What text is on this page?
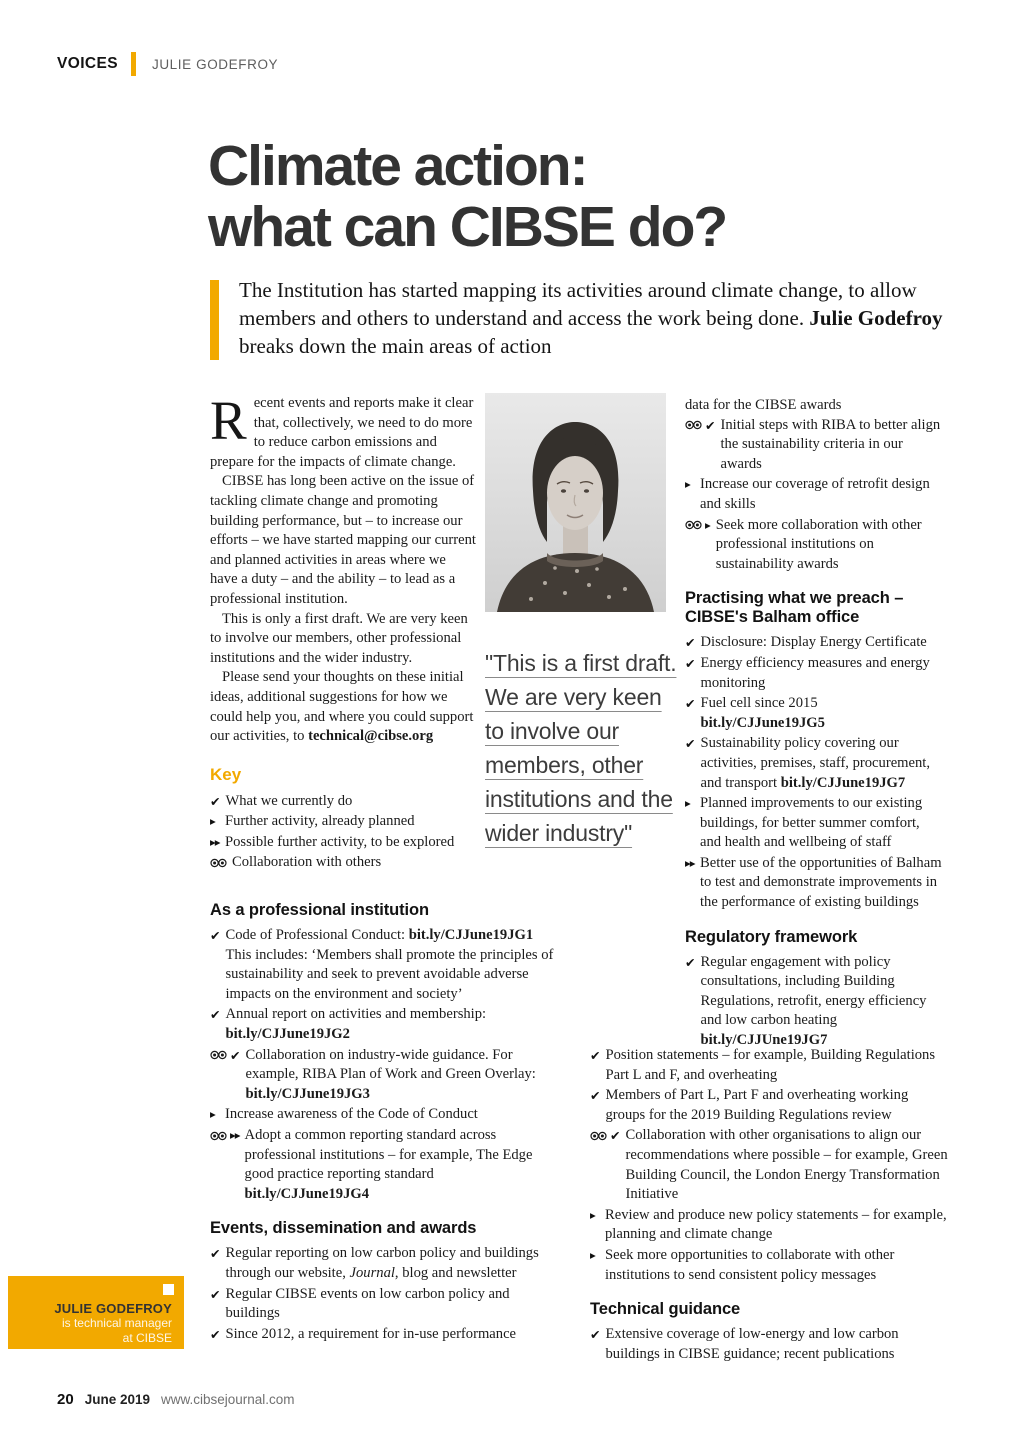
VOICES	JULIE GODEFROY
Climate action:
what can CIBSE do?

The Institution has started mapping its activities around climate change, to allow members and others to understand and access the work being done. Julie Godefroy breaks down the main areas of action

Recent events and reports make it clear that, collectively, we need to do more to reduce carbon emissions and prepare for the impacts of climate change.

CIBSE has long been active on the issue of tackling climate change and promoting building performance, but – to increase our efforts – we have started mapping our current and planned activities in areas where we have a duty – and the ability – to lead as a professional institution.

This is only a first draft. We are very keen to involve our members, other professional institutions and the wider industry.

Please send your thoughts on these initial ideas, additional suggestions for how we could help you, and where you could support our activities, to technical@cibse.org

Key
✔ What we currently do
▸ Further activity, already planned
▸▸ Possible further activity, to be explored
Collaboration with others
"This is a first draft. We are very keen to involve our members, other institutions and the wider industry"

data for the CIBSE awards

✔ Initial steps with RIBA to better align the sustainability criteria in our awards
▸ Increase our coverage of retrofit design and skills
▸ Seek more collaboration with other professional institutions on sustainability awards
Practising what we preach –
CIBSE's Balham office
✔ Disclosure: Display Energy Certificate
✔ Energy efficiency measures and energy monitoring
✔ Fuel cell since 2015 bit.ly/CJJune19JG5
✔ Sustainability policy covering our activities, premises, staff, procurement, and transport bit.ly/CJJune19JG7
▸ Planned improvements to our existing buildings, for better summer comfort, and health and wellbeing of staff
▸▸ Better use of the opportunities of Balham to test and demonstrate improvements in the performance of existing buildings
Regulatory framework
✔ Regular engagement with policy consultations, including Building Regulations, retrofit, energy efficiency and low carbon heating bit.ly/CJJUne19JG7
As a professional institution
✔ Code of Professional Conduct: bit.ly/CJJune19JG1 This includes: ‘Members shall promote the principles of sustainability and seek to prevent avoidable adverse impacts on the environment and society’
✔ Annual report on activities and membership: bit.ly/CJJune19JG2
✔ Collaboration on industry-wide guidance. For example, RIBA Plan of Work and Green Overlay: bit.ly/CJJune19JG3
▸ Increase awareness of the Code of Conduct
▸▸ Adopt a common reporting standard across professional institutions – for example, The Edge good practice reporting standard bit.ly/CJJune19JG4
Events, dissemination and awards
✔ Regular reporting on low carbon policy and buildings through our website, Journal, blog and newsletter
✔ Regular CIBSE events on low carbon policy and buildings
✔ Since 2012, a requirement for in-use performance
✔ Position statements – for example, Building Regulations Part L and F, and overheating
✔ Members of Part L, Part F and overheating working groups for the 2019 Building Regulations review
✔ Collaboration with other organisations to align our recommendations where possible – for example, Green Building Council, the London Energy Transformation Initiative
▸ Review and produce new policy statements – for example, planning and climate change
▸ Seek more opportunities to collaborate with other institutions to send consistent policy messages
Technical guidance
✔ Extensive coverage of low-energy and low carbon buildings in CIBSE guidance; recent publications
JULIE GODEFROY
is technical manager
at CIBSE
20 June 2019 www.cibsejournal.com
